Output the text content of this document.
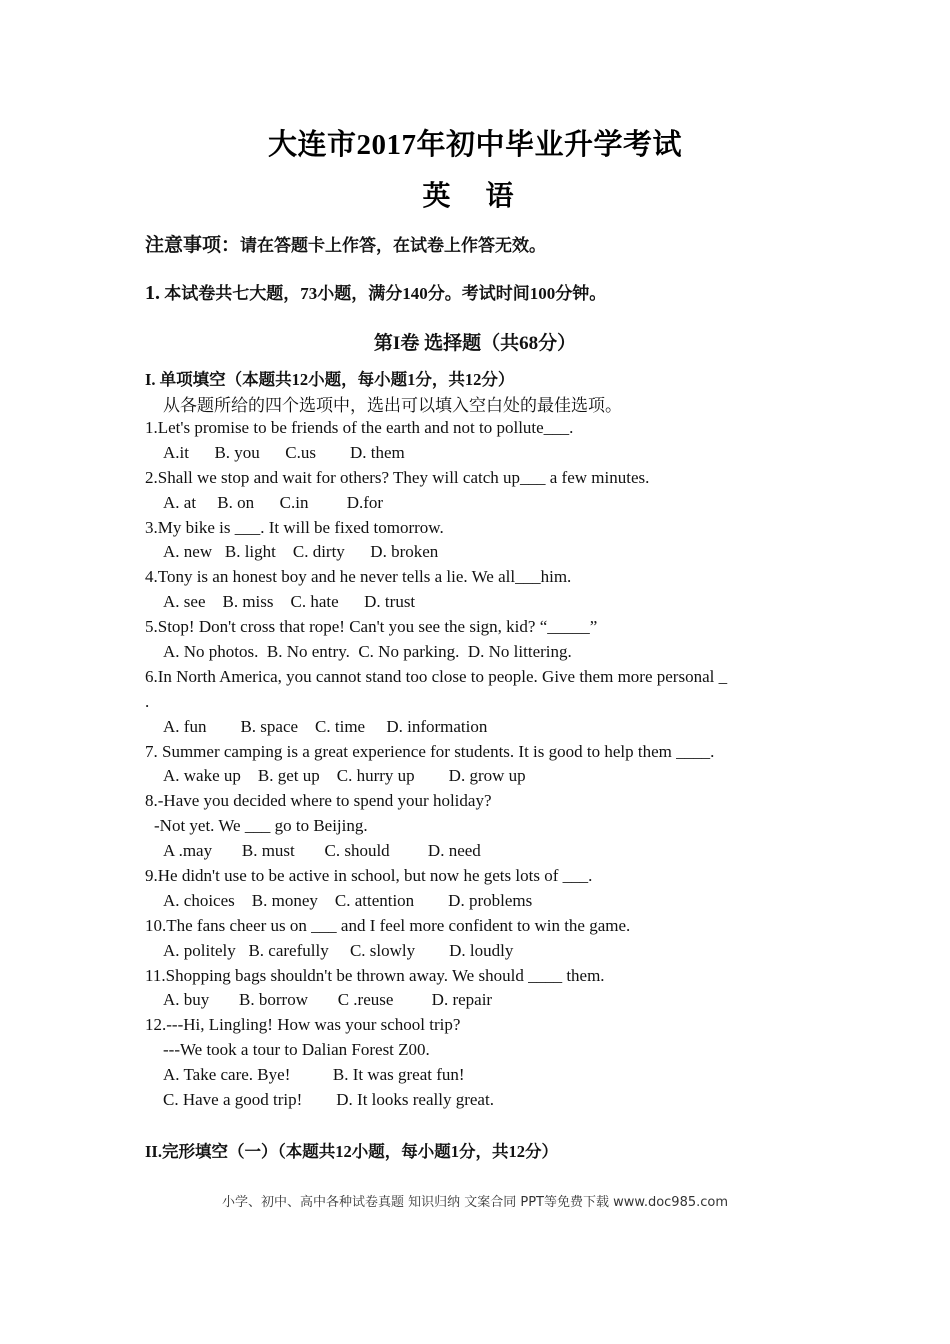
大连市2017年初中毕业升学考试
英 语
注意事项：请在答题卡上作答，在试卷上作答无效。
1. 本试卷共七大题，73小题，满分140分。考试时间100分钟。
第I卷 选择题（共68分）
I. 单项填空（本题共12小题，每小题1分，共12分）
从各题所给的四个选项中，选出可以填入空白处的最佳选项。
1.Let's promise to be friends of the earth and not to pollute___.
A.it      B. you      C.us        D. them
2.Shall we stop and wait for others? They will catch up___ a few minutes.
A. at     B. on      C.in         D.for
3.My bike is ___. It will be fixed tomorrow.
A. new   B. light    C. dirty      D. broken
4.Tony is an honest boy and he never tells a lie. We all___him.
A. see    B. miss    C. hate      D. trust
5.Stop! Don't cross that rope! Can't you see the sign, kid? “_____”
A. No photos.  B. No entry.  C. No parking.  D. No littering.
6.In North America, you cannot stand too close to people. Give them more personal _
.
A. fun        B. space    C. time     D. information
7. Summer camping is a great experience for students. It is good to help them ____.
A. wake up    B. get up    C. hurry up        D. grow up
8.-Have you decided where to spend your holiday?
-Not yet. We ___ go to Beijing.
A .may       B. must       C. should         D. need
9.He didn't use to be active in school, but now he gets lots of ___.
A. choices    B. money    C. attention        D. problems
10.The fans cheer us on ___ and I feel more confident to win the game.
A. politely   B. carefully     C. slowly        D. loudly
11.Shopping bags shouldn't be thrown away. We should ____ them.
A. buy       B. borrow       C .reuse         D. repair
12.---Hi, Lingling! How was your school trip?
---We took a tour to Dalian Forest Z00.
A. Take care. Bye!          B. It was great fun!
C. Have a good trip!        D. It looks really great.
II.完形填空（一）（本题共12小题，每小题1分，共12分）
小学、初中、高中各种试卷真题 知识归纳 文案合同 PPT等免费下载 www.doc985.com
